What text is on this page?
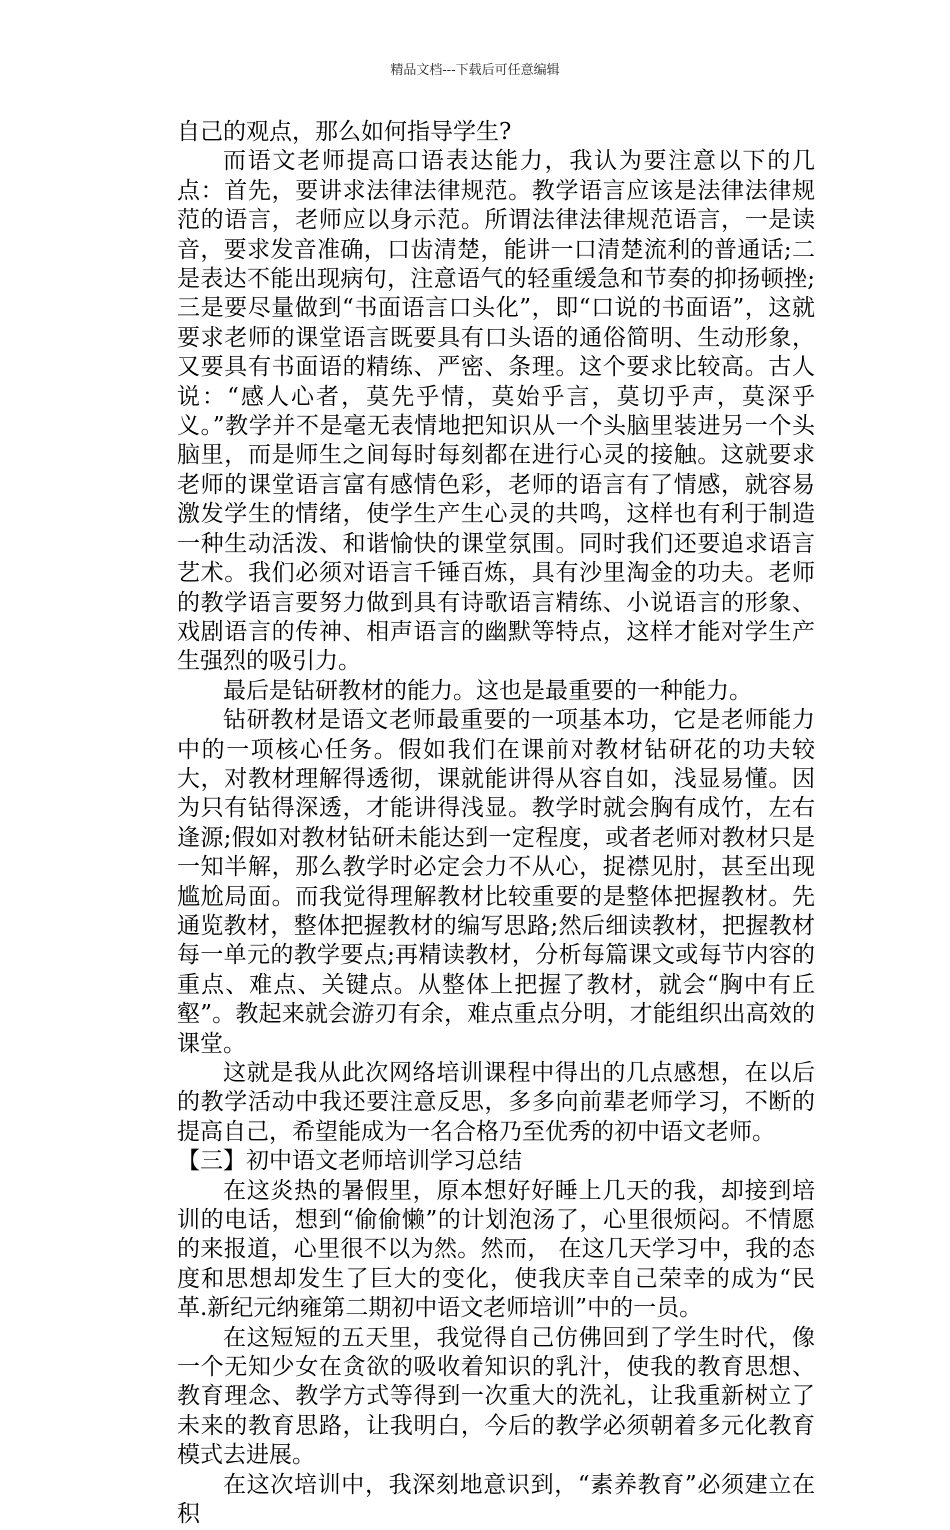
精品文档---下载后可任意编辑

自己的观点，那么如何指导学生?

而语文老师提高口语表达能力，我认为要注意以下的几点：首先，要讲求法律法律规范。教学语言应该是法律法律规范的语言，老师应以身示范。所谓法律法律规范语言，一是读音，要求发音准确，口齿清楚，能讲一口清楚流利的普通话;二是表达不能出现病句，注意语气的轻重缓急和节奏的抑扬顿挫;三是要尽量做到“书面语言口头化”，即“口说的书面语”，这就要求老师的课堂语言既要具有口头语的通俗简明、生动形象，又要具有书面语的精练、严密、条理。这个要求比较高。古人说：“感人心者，莫先乎情，莫始乎言，莫切乎声，莫深乎义。”教学并不是毫无表情地把知识从一个头脑里装进另一个头脑里，而是师生之间每时每刻都在进行心灵的接触。这就要求老师的课堂语言富有感情色彩，老师的语言有了情感，就容易激发学生的情绪，使学生产生心灵的共鸣，这样也有利于制造一种生动活泼、和谐愉快的课堂氛围。同时我们还要追求语言艺术。我们必须对语言千锤百炼，具有沙里淘金的功夫。老师的教学语言要努力做到具有诗歌语言精练、小说语言的形象、戏剧语言的传神、相声语言的幽默等特点，这样才能对学生产生强烈的吸引力。

最后是钻研教材的能力。这也是最重要的一种能力。

钻研教材是语文老师最重要的一项基本功，它是老师能力中的一项核心任务。假如我们在课前对教材钻研花的功夫较大，对教材理解得透彻，课就能讲得从容自如，浅显易懂。因为只有钻得深透，才能讲得浅显。教学时就会胸有成竹，左右逢源;假如对教材钻研未能达到一定程度，或者老师对教材只是一知半解，那么教学时必定会力不从心，捉襟见肘，甚至出现尴尬局面。而我觉得理解教材比较重要的是整体把握教材。先通览教材，整体把握教材的编写思路;然后细读教材，把握教材每一单元的教学要点;再精读教材，分析每篇课文或每节内容的重点、难点、关键点。从整体上把握了教材，就会“胸中有丘壑”。教起来就会游刃有余，难点重点分明，才能组织出高效的课堂。

这就是我从此次网络培训课程中得出的几点感想，在以后的教学活动中我还要注意反思，多多向前辈老师学习，不断的提高自己，希望能成为一名合格乃至优秀的初中语文老师。

【三】初中语文老师培训学习总结

在这炎热的暑假里，原本想好好睡上几天的我，却接到培训的电话，想到“偷偷懒”的计划泡汤了，心里很烦闷。不情愿的来报道，心里很不以为然。然而， 在这几天学习中，我的态度和思想却发生了巨大的变化，使我庆幸自己荣幸的成为“民革.新纪元纳雍第二期初中语文老师培训”中的一员。

在这短短的五天里，我觉得自己仿佛回到了学生时代，像一个无知少女在贪欲的吸收着知识的乳汁，使我的教育思想、教育理念、教学方式等得到一次重大的洗礼，让我重新树立了未来的教育思路，让我明白，今后的教学必须朝着多元化教育模式去进展。

在这次培训中，我深刻地意识到，“素养教育”必须建立在积
